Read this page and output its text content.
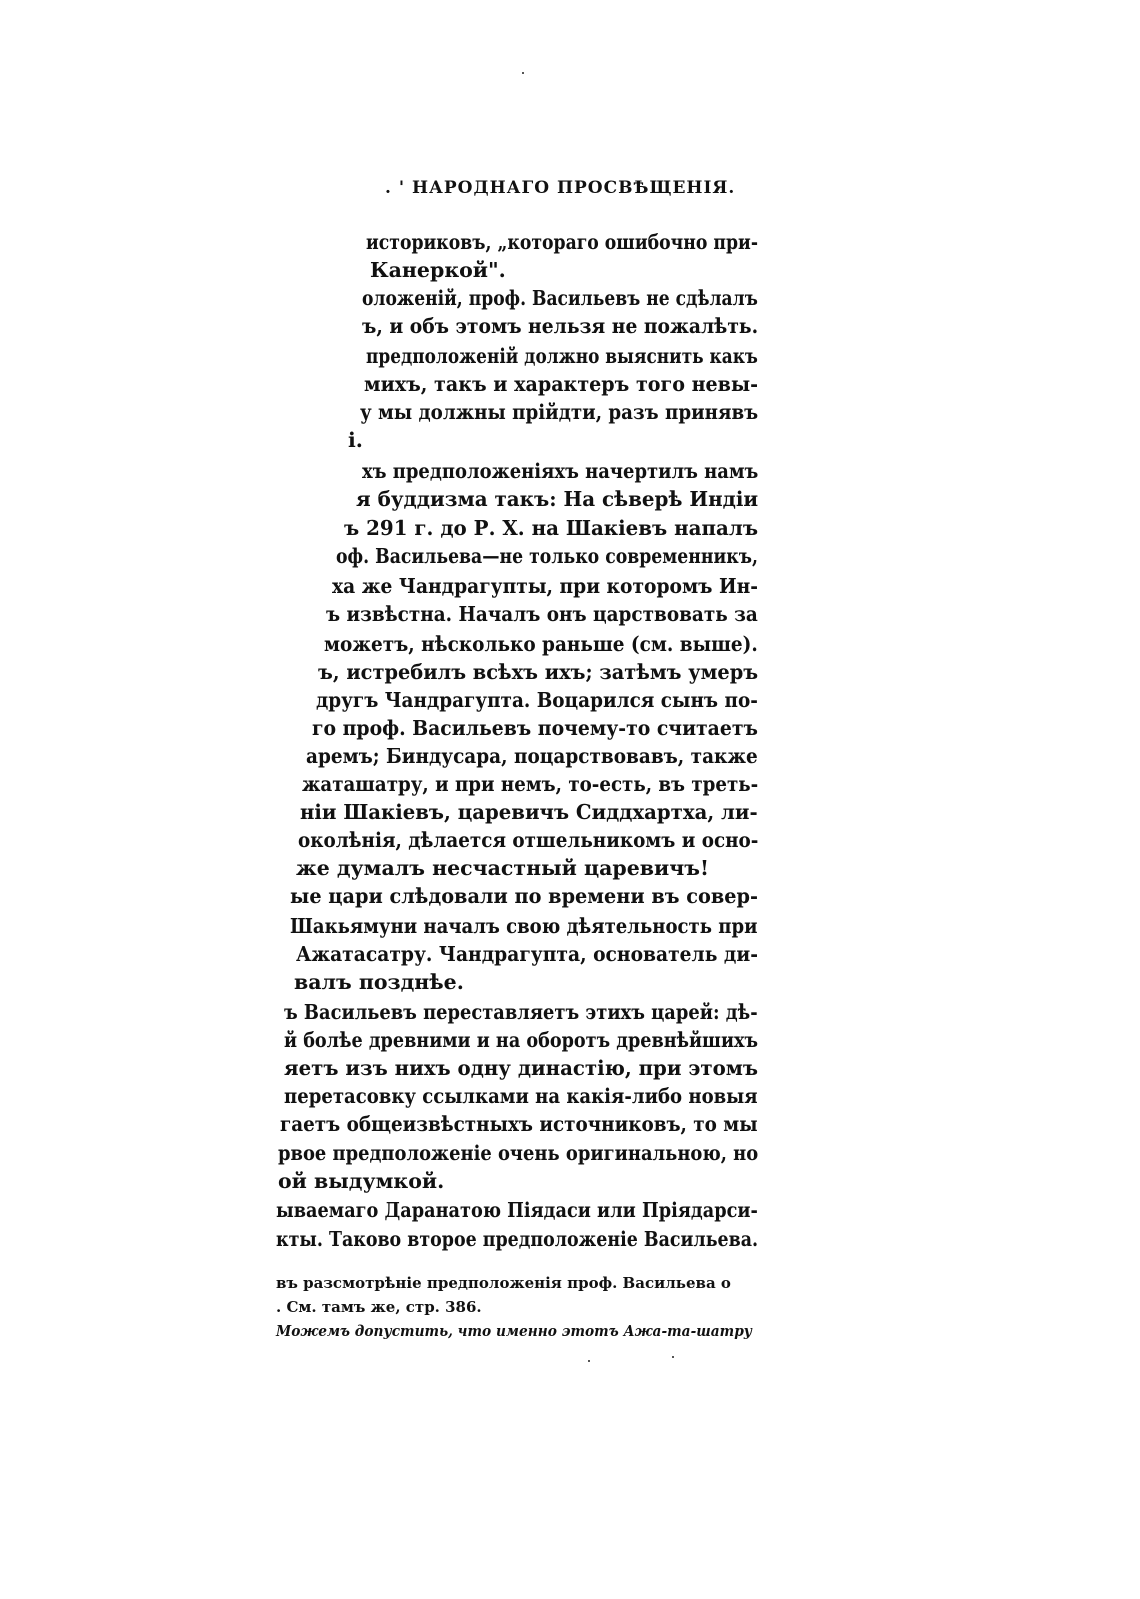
. ' НАРОДНАГО ПРОСВѢЩЕНІЯ.
историковъ, „котораго ошибочно при-
Канеркой".
оложеній, проф. Васильевъ не сдѣлалъ
ъ, и объ этомъ нельзя не пожалѣть.
предположеній должно выяснить какъ
михъ, такъ и характеръ того невы-
у мы должны прійдти, разъ принявъ
і.
хъ предположеніяхъ начертилъ намъ
я буддизма такъ: На сѣверѣ Индіи
ъ 291 г. до Р. Х. на Шакіевъ напалъ
оф. Васильева—не только современникъ,
ха же Чандрагупты, при которомъ Ин-
ъ извѣстна. Началъ онъ царствовать за
можетъ, нѣсколько раньше (см. выше).
ъ, истребилъ всѣхъ ихъ; затѣмъ умеръ
другъ Чандрагупта. Воцарился сынъ по-
го проф. Васильевъ почему-то считаетъ
аремъ; Биндусара, поцарствовавъ, также
жаташатру, и при немъ, то-есть, въ треть-
ніи Шакіевъ, царевичъ Сиддхартха, ли-
околѣнія, дѣлается отшельникомъ и осно-
же думалъ несчастный царевичъ!
ые цари слѣдовали по времени въ совер-
Шакьямуни началъ свою дѣятельность при
Ажатасатру. Чандрагупта, основатель ди-
валъ позднѣе.
ъ Васильевъ переставляетъ этихъ царей: дѣ-
й болѣе древними и на оборотъ древнѣйшихъ
яетъ изъ нихъ одну династію, при этомъ
перетасовку ссылками на какія-либо новыя
гаетъ общеизвѣстныхъ источниковъ, то мы
рвое предположеніе очень оригинальною, но
ой выдумкой.
ываемаго Даранатою Піядаси или Пріядарси-
кты. Таково второе предположеніе Васильева.
въ разсмотрѣніе предположенія проф. Васильева о
. См. тамъ же, стр. 386.
Можемъ допустить, что именно этотъ Ажа-та-шатру
